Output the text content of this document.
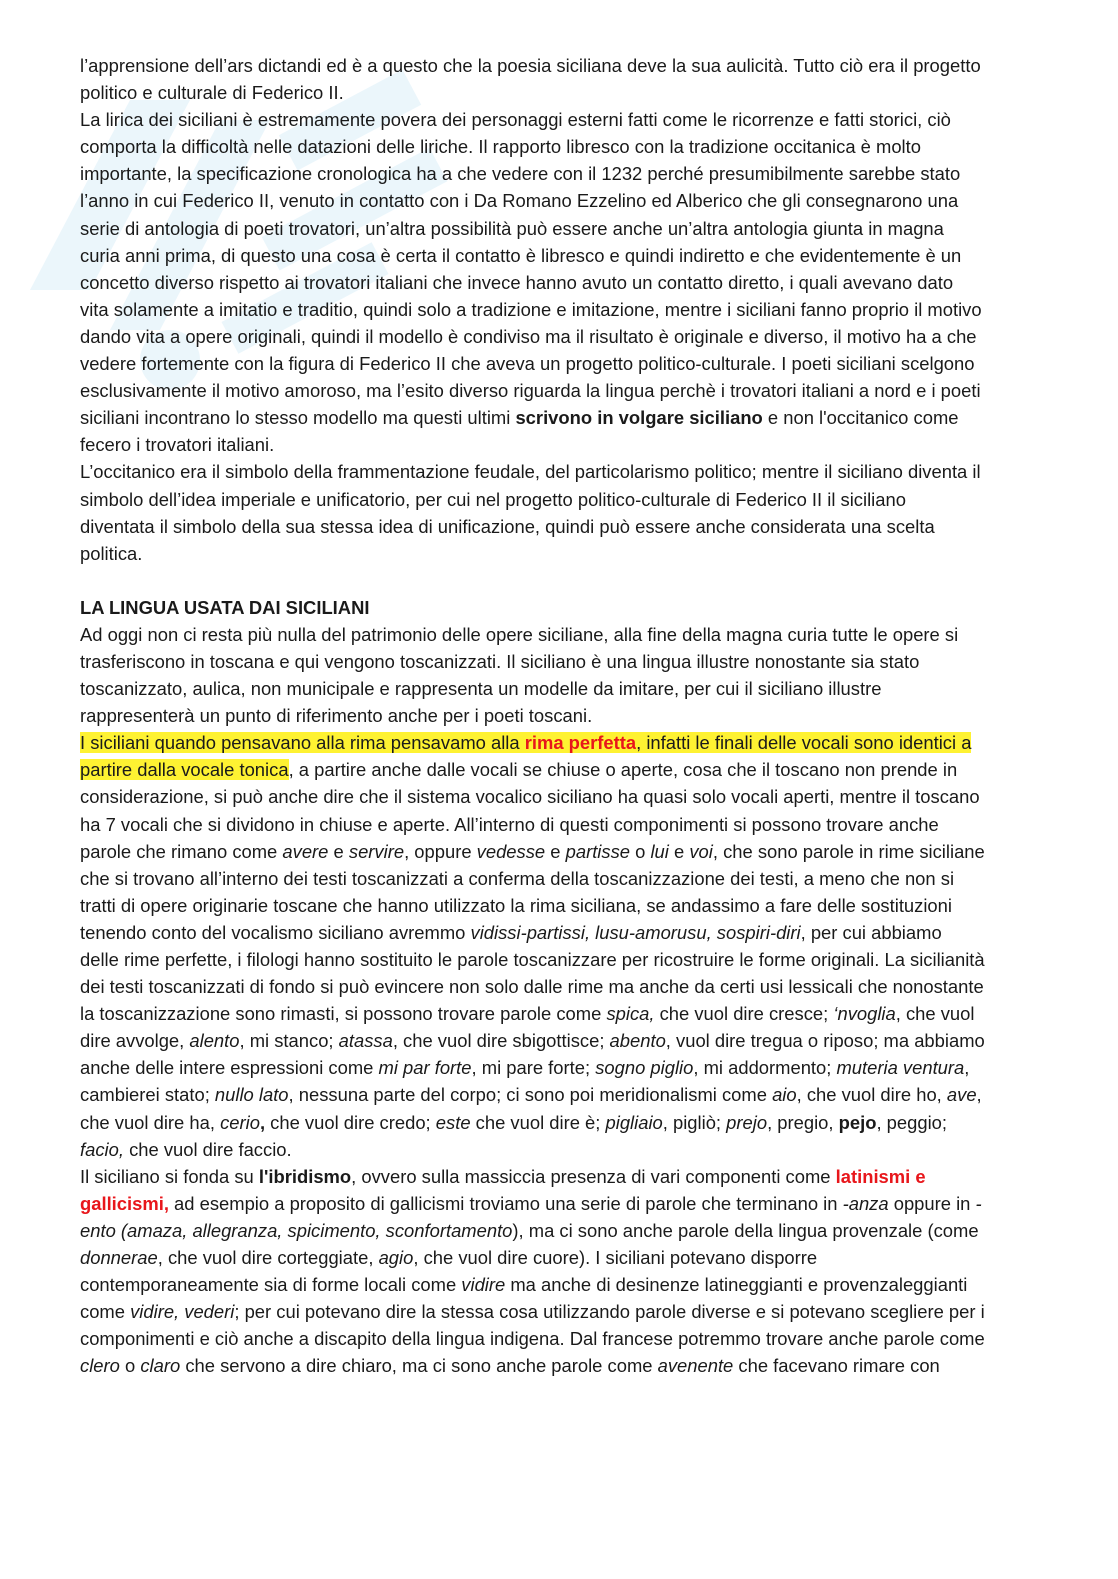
l’apprensione dell’ars dictandi ed è a questo che la poesia siciliana deve la sua aulicità. Tutto ciò era il progetto politico e culturale di Federico II.

La lirica dei siciliani è estremamente povera dei personaggi esterni fatti come le ricorrenze e fatti storici, ciò comporta la difficoltà nelle datazioni delle liriche. Il rapporto libresco con la tradizione occitanica è molto importante, la specificazione cronologica ha a che vedere con il 1232 perché presumibilmente sarebbe stato l’anno in cui Federico II, venuto in contatto con i Da Romano Ezzelino ed Alberico che gli consegnarono una serie di antologia di poeti trovatori, un’altra possibilità può essere anche un’altra antologia giunta in magna curia anni prima, di questo una cosa è certa il contatto è libresco e quindi indiretto e che evidentemente è un concetto diverso rispetto ai trovatori italiani che invece hanno avuto un contatto diretto, i quali avevano dato vita solamente a imitatio e traditio, quindi solo a tradizione e imitazione, mentre i siciliani fanno proprio il motivo dando vita a opere originali, quindi il modello è condiviso ma il risultato è originale e diverso, il motivo ha a che vedere fortemente con la figura di Federico II che aveva un progetto politico-culturale. I poeti siciliani scelgono esclusivamente il motivo amoroso, ma l’esito diverso riguarda la lingua perchè i trovatori italiani a nord e i poeti siciliani incontrano lo stesso modello ma questi ultimi scrivono in volgare siciliano e non l'occitanico come fecero i trovatori italiani.

L’occitanico era il simbolo della frammentazione feudale, del particolarismo politico; mentre il siciliano diventa il simbolo dell’idea imperiale e unificatorio, per cui nel progetto politico-culturale di Federico II il siciliano diventata il simbolo della sua stessa idea di unificazione, quindi può essere anche considerata una scelta politica.

LA LINGUA USATA DAI SICILIANI

Ad oggi non ci resta più nulla del patrimonio delle opere siciliane, alla fine della magna curia tutte le opere si trasferiscono in toscana e qui vengono toscanizzati. Il siciliano è una lingua illustre nonostante sia stato toscanizzato, aulica, non municipale e rappresenta un modelle da imitare, per cui il siciliano illustre rappresenterà un punto di riferimento anche per i poeti toscani.

I siciliani quando pensavano alla rima pensavamo alla rima perfetta, infatti le finali delle vocali sono identici a partire dalla vocale tonica, a partire anche dalle vocali se chiuse o aperte, cosa che il toscano non prende in considerazione, si può anche dire che il sistema vocalico siciliano ha quasi solo vocali aperti, mentre il toscano ha 7 vocali che si dividono in chiuse e aperte. All’interno di questi componimenti si possono trovare anche parole che rimano come avere e servire, oppure vedesse e partisse o lui e voi, che sono parole in rime siciliane che si trovano all’interno dei testi toscanizzati a conferma della toscanizzazione dei testi, a meno che non si tratti di opere originarie toscane che hanno utilizzato la rima siciliana, se andassimo a fare delle sostituzioni tenendo conto del vocalismo siciliano avremmo vidissi-partissi, lusu-amorusu, sospiri-diri, per cui abbiamo delle rime perfette, i filologi hanno sostituito le parole toscanizzare per ricostruire le forme originali. La sicilianità dei testi toscanizzati di fondo si può evincere non solo dalle rime ma anche da certi usi lessicali che nonostante la toscanizzazione sono rimasti, si possono trovare parole come spica, che vuol dire cresce; ‘nvoglia, che vuol dire avvolge, alento, mi stanco; atassa, che vuol dire sbigottisce; abento, vuol dire tregua o riposo; ma abbiamo anche delle intere espressioni come mi par forte, mi pare forte; sogno piglio, mi addormento; muteria ventura, cambierei stato; nullo lato, nessuna parte del corpo; ci sono poi meridionalismi come aio, che vuol dire ho, ave, che vuol dire ha, cerio, che vuol dire credo; este che vuol dire è; pigliaio, pigliò; prejo, pregio, pejo, peggio; facio, che vuol dire faccio.

Il siciliano si fonda su l'ibridismo, ovvero sulla massiccia presenza di vari componenti come latinismi e gallicismi, ad esempio a proposito di gallicismi troviamo una serie di parole che terminano in -anza oppure in -ento (amaza, allegranza, spicimento, sconfortamento), ma ci sono anche parole della lingua provenzale (come donnerae, che vuol dire corteggiate, agio, che vuol dire cuore). I siciliani potevano disporre contemporaneamente sia di forme locali come vidire ma anche di desinenze latineggianti e provenzaleggianti come vidire, vederi; per cui potevano dire la stessa cosa utilizzando parole diverse e si potevano scegliere per i componimenti e ciò anche a discapito della lingua indigena. Dal francese potremmo trovare anche parole come clero o claro che servono a dire chiaro, ma ci sono anche parole come avenente che facevano rimare con
